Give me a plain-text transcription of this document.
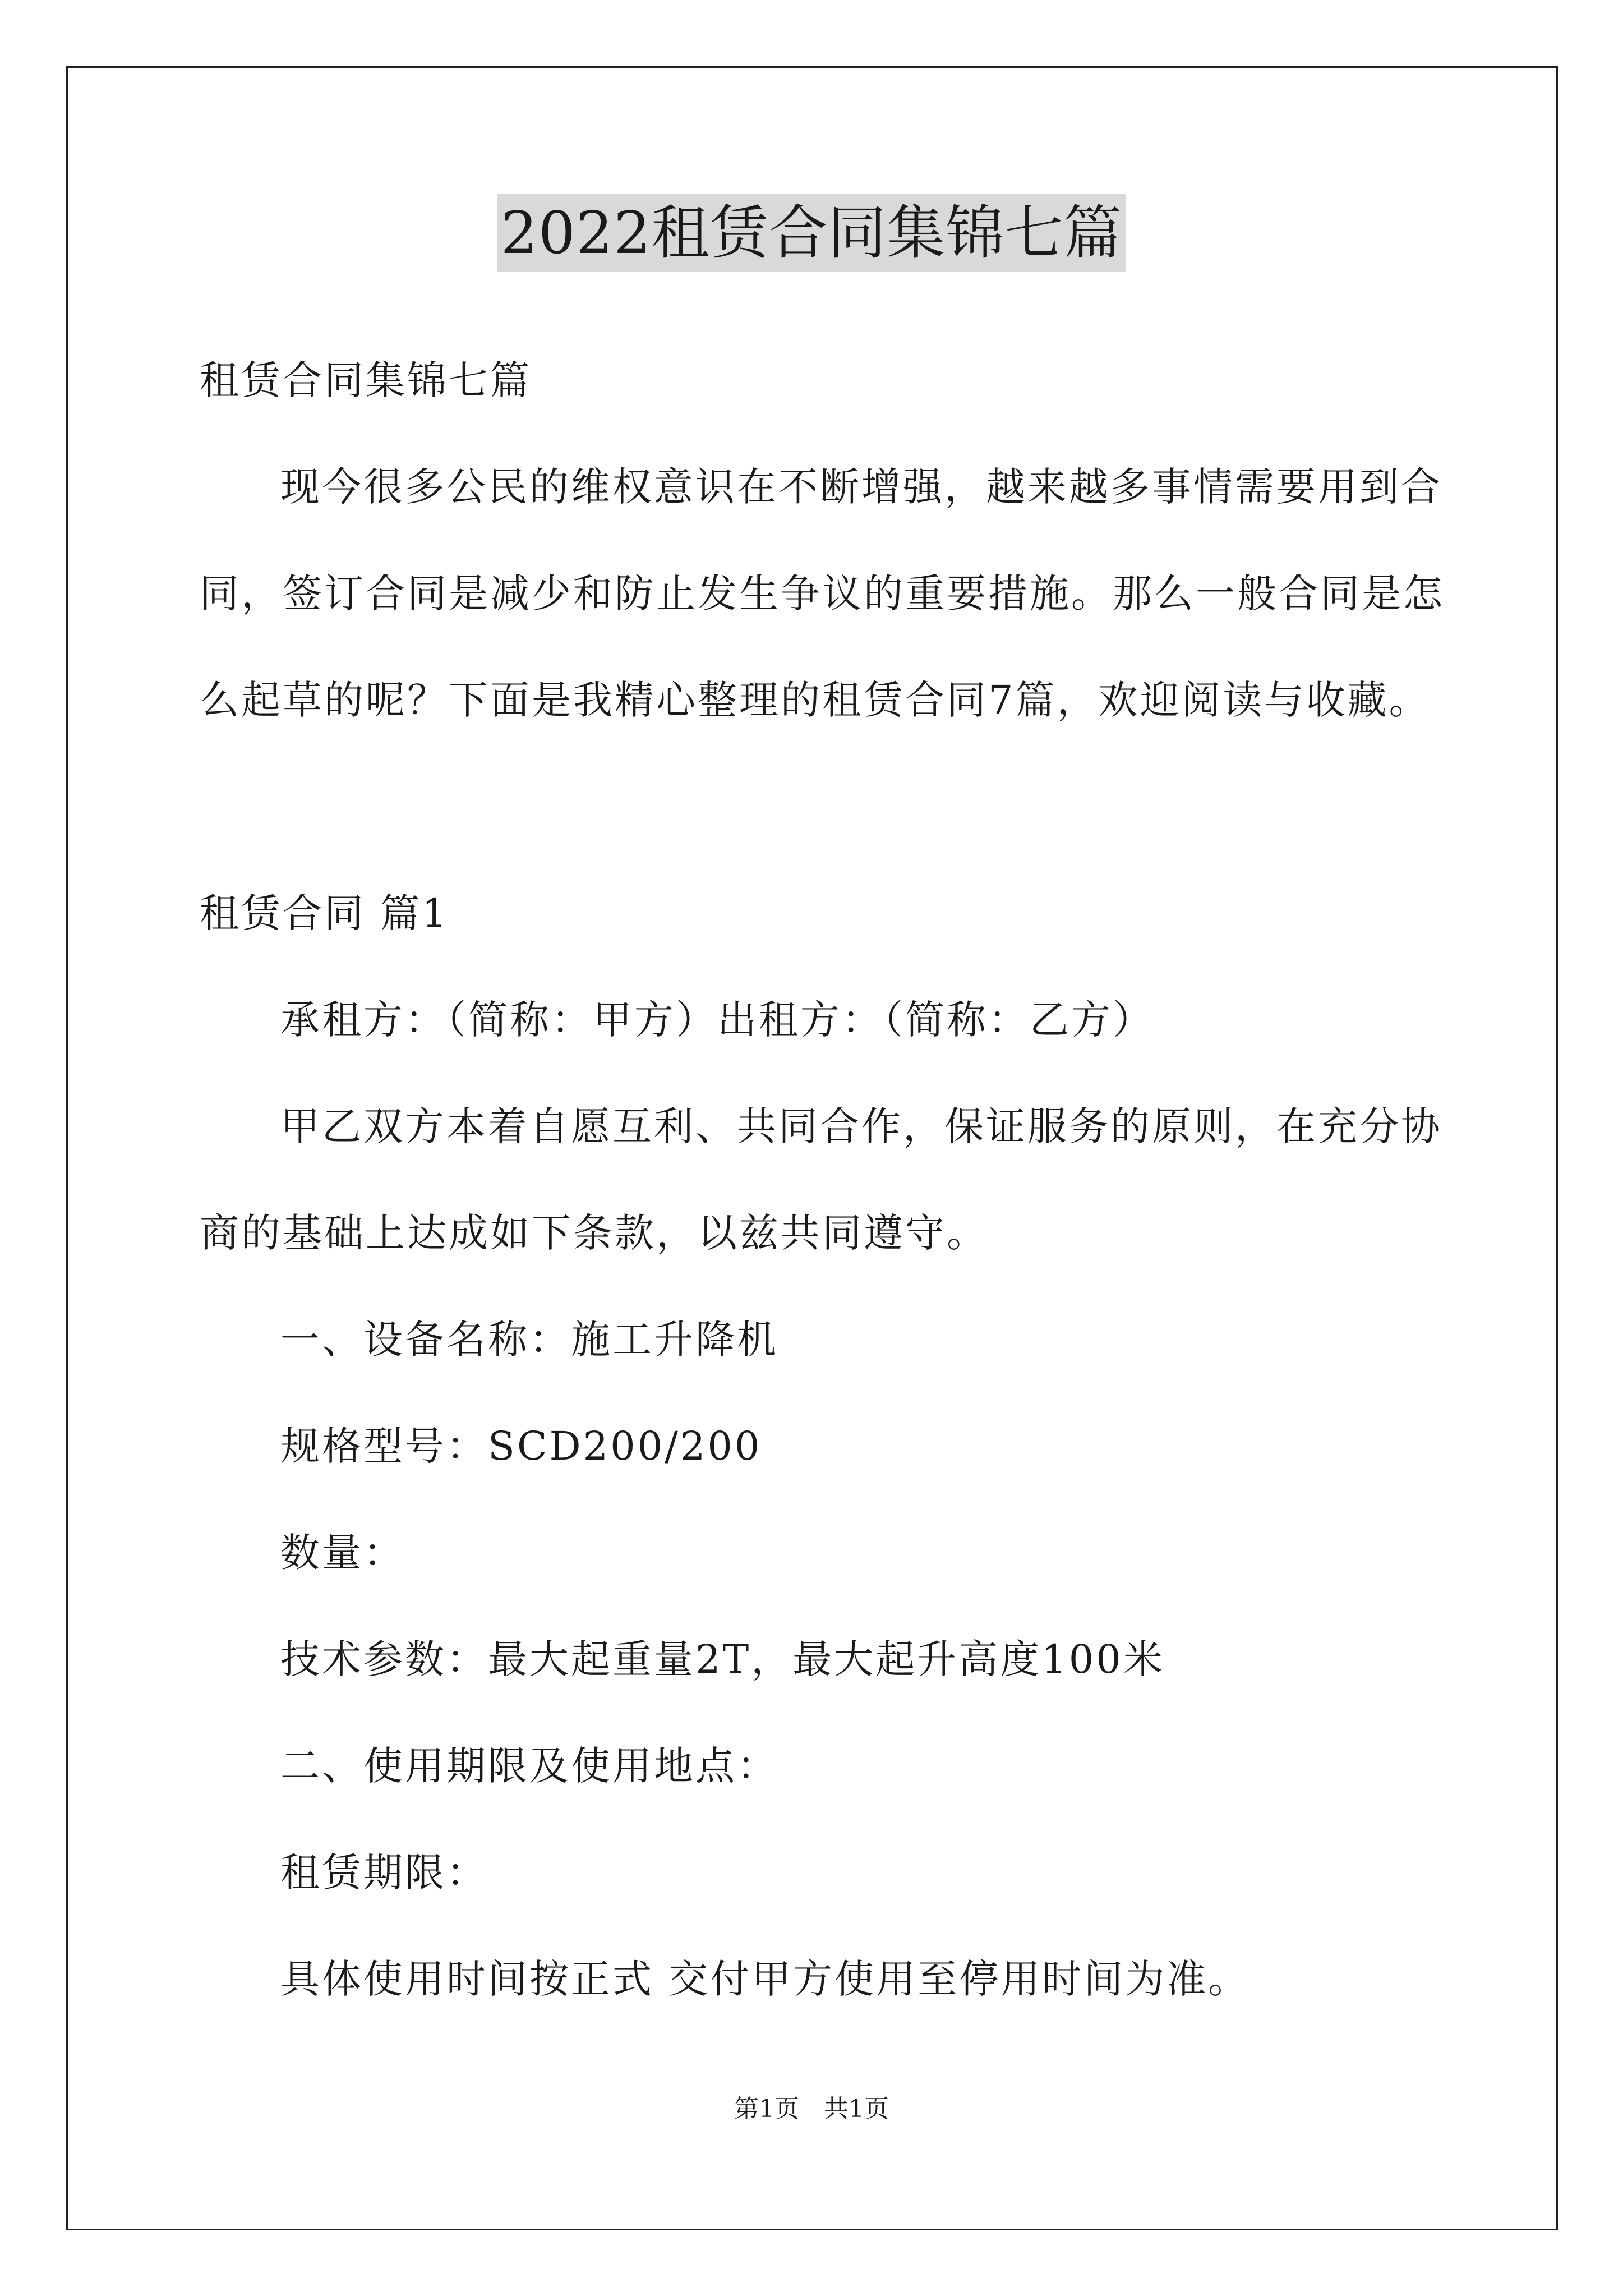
2022租赁合同集锦七篇
租赁合同集锦七篇
现今很多公民的维权意识在不断增强，越来越多事情需要用到合
同，签订合同是减少和防止发生争议的重要措施。那么一般合同是怎
么起草的呢？下面是我精心整理的租赁合同7篇，欢迎阅读与收藏。
租赁合同 篇1
承租方：（简称：甲方）出租方：（简称：乙方）
甲乙双方本着自愿互利、共同合作，保证服务的原则，在充分协
商的基础上达成如下条款，以兹共同遵守。
一、设备名称：施工升降机
规格型号：SCD200/200
数量：
技术参数：最大起重量2T，最大起升高度100米
二、使用期限及使用地点：
租赁期限：
具体使用时间按正式 交付甲方使用至停用时间为准。
第1页　共1页
